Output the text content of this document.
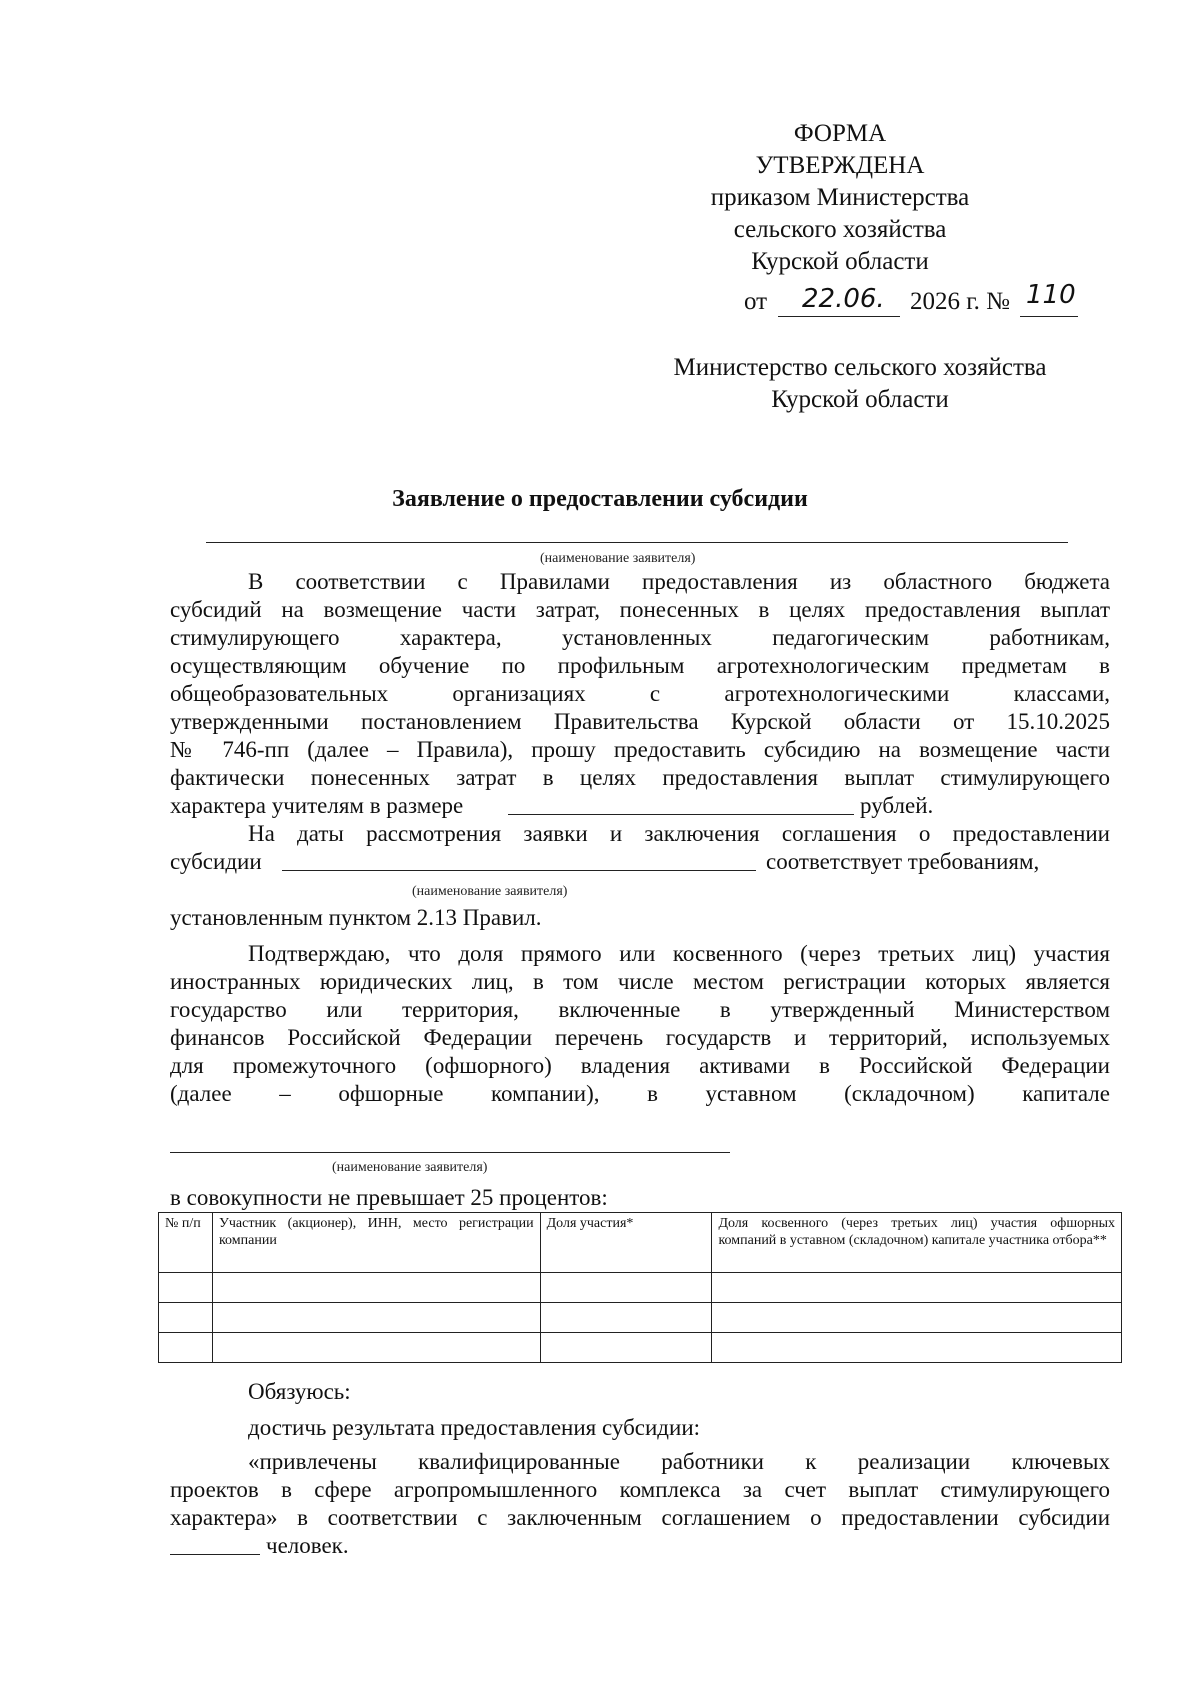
ФОРМА
УТВЕРЖДЕНА
приказом Министерства
сельского хозяйства
Курской области
от 22.06. 2026 г. № 110
Министерство сельского хозяйства
Курской области
Заявление о предоставлении субсидии
(наименование заявителя)
В соответствии с Правилами предоставления из областного бюджета
субсидий на возмещение части затрат, понесенных в целях предоставления выплат
стимулирующего характера, установленных педагогическим работникам,
осуществляющим обучение по профильным агротехнологическим предметам в
общеобразовательных организациях с агротехнологическими классами,
утвержденными постановлением Правительства Курской области от 15.10.2025
№ 746-пп (далее – Правила), прошу предоставить субсидию на возмещение части
фактически понесенных затрат в целях предоставления выплат стимулирующего
характера учителям в размере	рублей.
На даты рассмотрения заявки и заключения соглашения о предоставлении
субсидии	соответствует требованиям,
(наименование заявителя)
установленным пунктом 2.13 Правил.
Подтверждаю, что доля прямого или косвенного (через третьих лиц) участия
иностранных юридических лиц, в том числе местом регистрации которых является
государство или территория, включенные в утвержденный Министерством
финансов Российской Федерации перечень государств и территорий, используемых
для промежуточного (офшорного) владения активами в Российской Федерации
(далее – офшорные компании), в уставном (складочном) капитале
(наименование заявителя)
в совокупности не превышает 25 процентов:
№ п/п	Участник (акционер), ИНН, место регистрации компании	Доля участия*	Доля косвенного (через третьих лиц) участия офшорных компаний в уставном (складочном) капитале участника отбора**

Обязуюсь:
достичь результата предоставления субсидии:
«привлечены квалифицированные работники к реализации ключевых
проектов в сфере агропромышленного комплекса за счет выплат стимулирующего
характера» в соответствии с заключенным соглашением о предоставлении субсидии
человек.
